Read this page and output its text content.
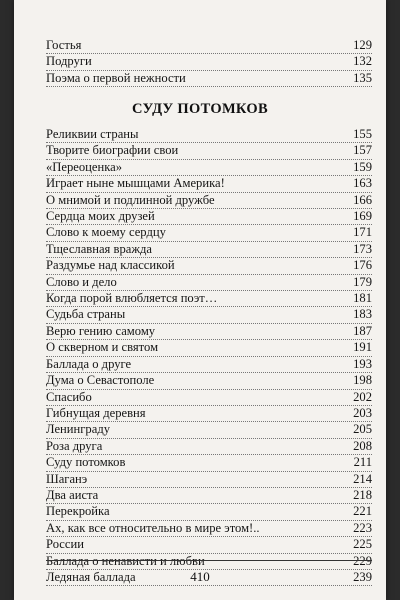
Гостья	129
Подруги	132
Поэма о первой нежности	135
СУДУ ПОТОМКОВ
Реликвии страны	155
Творите биографии свои	157
«Переоценка»	159
Играет ныне мышцами Америка!	163
О мнимой и подлинной дружбе	166
Сердца моих друзей	169
Слово к моему сердцу	171
Тщеславная вражда	173
Раздумье над классикой	176
Слово и дело	179
Когда порой влюбляется поэт…	181
Судьба страны	183
Верю гению самому	187
О скверном и святом	191
Баллада о друге	193
Дума о Севастополе	198
Спасибо	202
Гибнущая деревня	203
Ленинграду	205
Роза друга	208
Суду потомков	211
Шаганэ	214
Два аиста	218
Перекройка	221
Ах, как все относительно в мире этом!..	223
России	225
Баллада о ненависти и любви	229
Ледяная баллада	239
410
